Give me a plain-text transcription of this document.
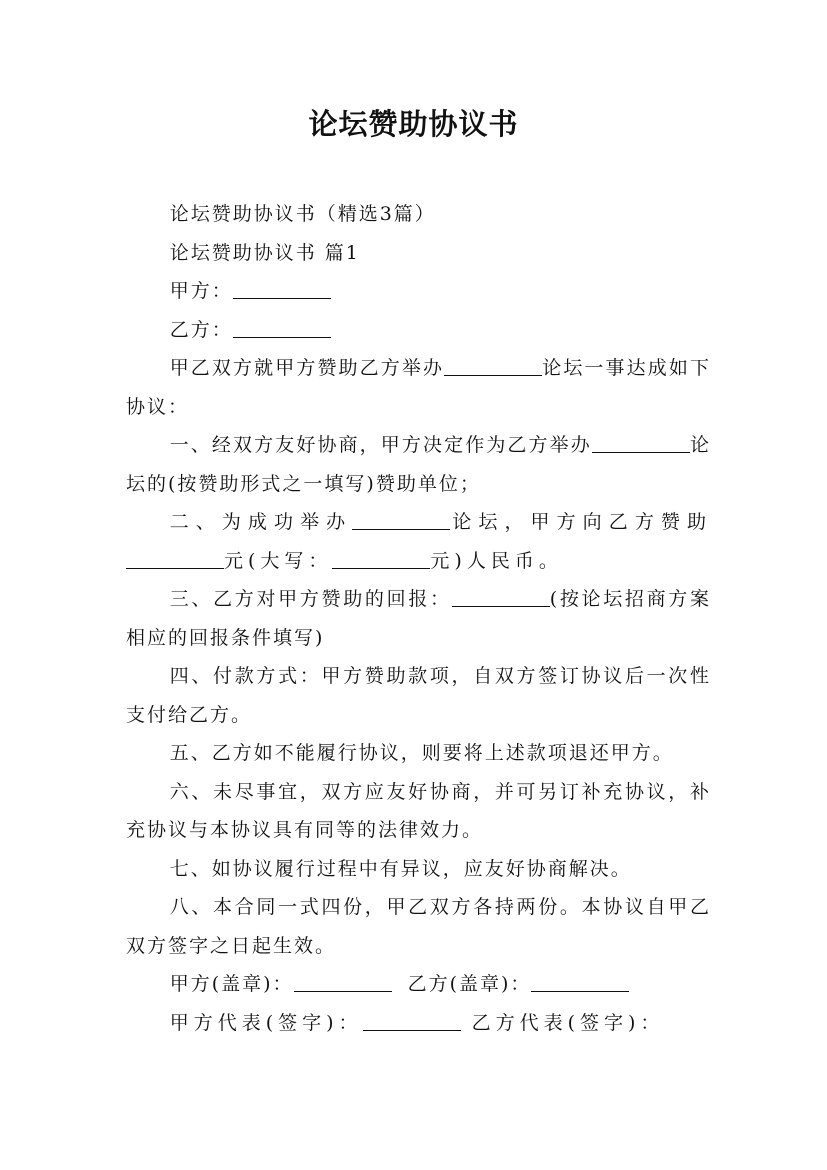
论坛赞助协议书

论坛赞助协议书（精选3篇）

论坛赞助协议书 篇1

甲方：

乙方：

甲乙双方就甲方赞助乙方举办	论坛一事达成如下协议：

一、经双方友好协商，甲方决定作为乙方举办	论坛的(按赞助形式之一填写)赞助单位；

二、为成功举办	论坛，甲方向乙方赞助元(大写：	元)人民币。

三、乙方对甲方赞助的回报：	(按论坛招商方案相应的回报条件填写)

四、付款方式：甲方赞助款项，自双方签订协议后一次性支付给乙方。

五、乙方如不能履行协议，则要将上述款项退还甲方。

六、未尽事宜，双方应友好协商，并可另订补充协议，补充协议与本协议具有同等的法律效力。

七、如协议履行过程中有异议，应友好协商解决。

八、本合同一式四份，甲乙双方各持两份。本协议自甲乙双方签字之日起生效。

甲方(盖章)：	乙方(盖章)：

甲方代表(签字)：	乙方代表(签字)：
